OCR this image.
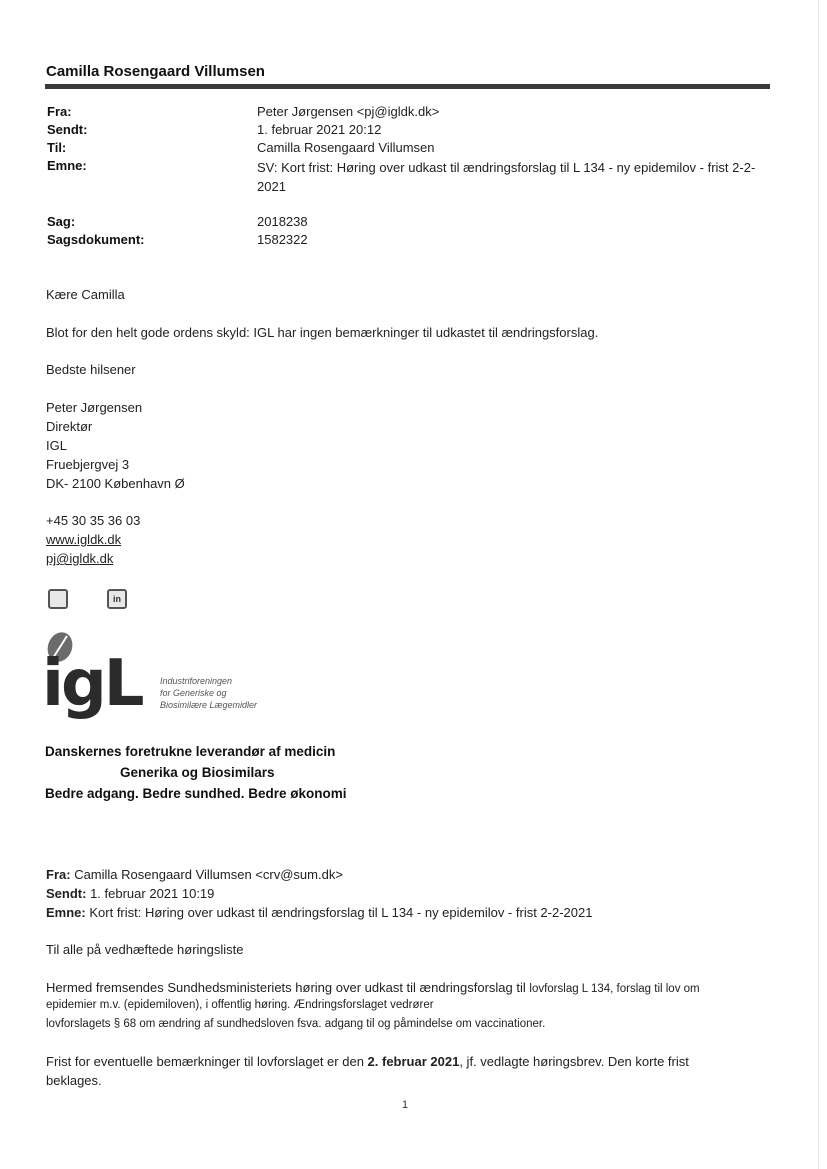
Camilla Rosengaard Villumsen
Fra:	Peter Jørgensen <pj@igldk.dk>
Sendt:	1. februar 2021 20:12
Til:	Camilla Rosengaard Villumsen
Emne:	SV: Kort frist: Høring over udkast til ændringsforslag til L 134 - ny epidemilov - frist 2-2-2021
Sag:	2018238
Sagsdokument:	1582322
Kære Camilla
Blot for den helt gode ordens skyld: IGL har ingen bemærkninger til udkastet til ændringsforslag.
Bedste hilsener
Peter Jørgensen
Direktør
IGL
Fruebjergvej 3
DK- 2100 København Ø
+45 30 35 36 03
www.igldk.dk
pj@igldk.dk
in
igL Industriforeningen
for Generiske og
Biosimilære Lægemidler
Danskernes foretrukne leverandør af medicin
Generika og Biosimilars
Bedre adgang. Bedre sundhed. Bedre økonomi
Fra: Camilla Rosengaard Villumsen <crv@sum.dk>
Sendt: 1. februar 2021 10:19
Emne: Kort frist: Høring over udkast til ændringsforslag til L 134 - ny epidemilov - frist 2-2-2021
Til alle på vedhæftede høringsliste
Hermed fremsendes Sundhedsministeriets høring over udkast til ændringsforslag til lovforslag L 134, forslag til lov om
epidemier m.v. (epidemiloven), i offentlig høring. Ændringsforslaget vedrører
lovforslagets § 68 om ændring af sundhedsloven fsva. adgang til og påmindelse om vaccinationer.
Frist for eventuelle bemærkninger til lovforslaget er den 2. februar 2021, jf. vedlagte høringsbrev. Den korte frist
beklages.
1
